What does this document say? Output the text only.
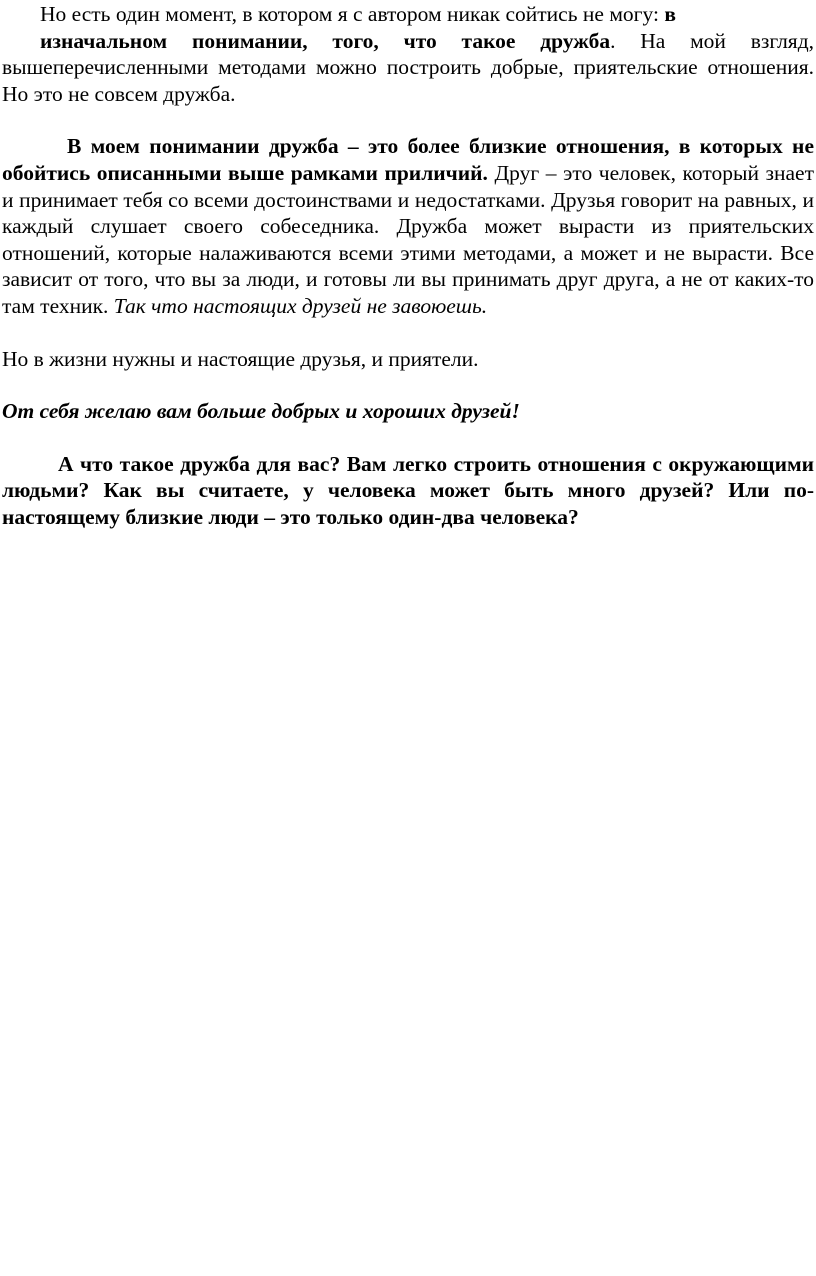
Но есть один момент, в котором я с автором никак сойтись не могу: в

изначальном понимании, того, что такое дружба. На мой взгляд, вышеперечисленными методами можно построить добрые, приятельские отношения. Но это не совсем дружба.

В моем понимании дружба – это более близкие отношения, в которых не обойтись описанными выше рамками приличий. Друг – это человек, который знает и принимает тебя со всеми достоинствами и недостатками. Друзья говорит на равных, и каждый слушает своего собеседника. Дружба может вырасти из приятельских отношений, которые налаживаются всеми этими методами, а может и не вырасти. Все зависит от того, что вы за люди, и готовы ли вы принимать друг друга, а не от каких-то там техник. Так что настоящих друзей не завоюешь.

Но в жизни нужны и настоящие друзья, и приятели.

От себя желаю вам больше добрых и хороших друзей!

А что такое дружба для вас? Вам легко строить отношения с окружающими людьми? Как вы считаете, у человека может быть много друзей? Или по-настоящему близкие люди – это только один-два человека?
